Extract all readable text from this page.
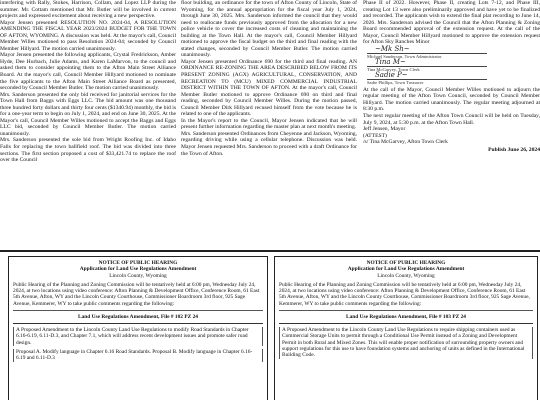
interfering with Rally, Stokes, Harrison, Collam, and Lopez LLP during the summer. Mr. Cottam mentioned that Mr. Butler will be involved in current projects and expressed excitement about receiving a new perspective.

Mayor Jensen presented RESOLUTION NO. 2024-04, A RESOLUTION AMENDING THE FISCAL YEAR 2023/2024 BUDGET FOR THE TOWN OF AFTON, WYOMING. A discussion was held. At the mayor's call, Council Member Willes motioned to pass Resolution 2024-04; seconded by Council Member Hillyard. The motion carried unanimously.

Mayor Jensen presented the following applicants, Crystal Fredrickson, Amber Hyde, Dee Hurbach, Julie Adams, and Karen LaMarvon, to the council and asked them to consider appointing them to the Afton Main Street Alliance Board. At the mayor's call, Council Member Hillyard motioned to nominate the five applicants to the Afton Main Street Alliance Board as presented, seconded by Council Member Butler. The motion carried unanimously.

Mrs. Sanderson presented the only bid received for janitorial services for the Town Hall from Baggs with Eggs LLC. The bid amount was one thousand three hundred forty dollars and thirty four cents ($1340.94) monthly, the bid is for a one-year term to begin on July 1, 2024, and end on June 30, 2025. At the Mayor's call, Council Member Willes motioned to accept the Baggs and Eggs LLC bid, seconded by Council Member Butler. The motion carried unanimously.

Mrs. Sanderson presented the sole bid from Wright Roofing Inc. of Idaho Falls for replacing the town ballfield roof. The bid was divided into three sections. The first section proposed a cost of $33,421.74 to replace the roof over the Council

floor building, an ordinance for the town of Afton County of Lincoln, State of Wyoming, for the annual appropriation for the fiscal year July 1, 2024, through June 30, 2025. Mrs. Sanderson informed the council that they would need to reallocate funds previously approved from the allocation for a new police vehicle to cover the increased costs of cleaning and maintaining the building at the Town Hall. At the mayor's call, Council Member Hillyard motioned to approve the fiscal budget on the third and final reading with the stated changes, seconded by Council Member Butler. The motion carried unanimously.

Mayor Jensen presented Ordinance 690 for the third and final reading. AN ORDINANCE RE-ZONING THE AREA DESCRIBED BELOW FROM ITS PRESENT ZONING (AGX) AGRICULTURAL, CONSERVATION, AND RECREATION TO (MCU) MIXED COMMERCIAL INDUSTRIAL DISTRICT WITHIN THE TOWN OF AFTON. At the mayor's call, Council Member Butler motioned to approve Ordinance 690 on third and final reading, seconded by Council Member Willes. During the motion passed, Council Member Dirk Hillyard recused himself from the vote because he is related to one of the applicants.

In the Mayor's report to the Council, Mayor Jensen indicated that he will present further information regarding the master plan at next month's meeting.

Mrs. Sanderson presented Ordinances from Cheyenne and Jackson, Wyoming, regarding driving while using a cellular telephone. Discussion was held. Mayor Jensen requested Mrs. Sanderson to proceed with a draft Ordinance for the Town of Afton.

Phase II of 2022. However, Phase II, creating Lots 7-12, and Phase III, creating Lot 13 were also preliminarily approved and have yet to be finalized and recorded. The applicants wish to extend the final plat recording to June 14, 2026. Mrs. Sanderson advised the Council that the Afton Planning & Zoning Board recommended approval of the extension request. At the call of the Mayor, Council Member Hillyard motioned to approve the extension request for Afton Sky Ranches Minor

~Mk Sh~
Michael Sanderson, Town Administrator
Tina M~
Tina McGarvey, Town Clerk
Sadie P~
Sadie Phillips, Town Treasurer

At the call of the Mayor, Council Member Willes motioned to adjourn the regular meeting of the Afton Town Council, seconded by Council Member Hillyard. The motion carried unanimously. The regular meeting adjourned at 8:30 p.m.

The next regular meeting of the Afton Town Council will be held on Tuesday, July 9, 2024, at 5:30 p.m. at the Afton Town Hall.

Jeff Jensen, Mayor

(ATTEST)

/s/ Tina McGarvey, Afton Town Clerk

Publish June 26, 2024
NOTICE OF PUBLIC HEARING
Application for Land Use Regulations Amendment
Lincoln County, Wyoming
Public Hearing of the Planning and Zoning Commission will be tentatively held at 6:00 pm, Wednesday July 24, 2024, at two locations using video conference: Afton Planning & Development Office, Conference Room, 61 East 5th Avenue, Afton, WY and the Lincoln County Courthouse, Commissioner Boardroom 3rd floor, 925 Sage Avenue, Kemmerer, WY to take public comments regarding the following:
Land Use Regulations Amendment, File # 102 PZ 24
A Proposed Amendment to the Lincoln County Land Use Regulations to modify Road Standards in Chapter 6.16-6.19, 6.11-D.3, and Chapter 7.1, which will address recent development issues and promote safer road design.
Proposal A. Modify language in Chapter 6.16 Road Standards. Proposal B. Modify language in Chapter 6.16-6.19 and 6.11-D.3
NOTICE OF PUBLIC HEARING
Application for Land Use Regulations Amendment
Lincoln County, Wyoming
Public Hearing of the Planning and Zoning Commission will be tentatively held at 6:00 pm, Wednesday July 24, 2024, at two locations using video conference: Afton Planning & Development Office, Conference Room, 61 East 5th Avenue, Afton, WY and the Lincoln County Courthouse, Commissioner Boardroom 3rd floor, 925 Sage Avenue, Kemmerer, WY to take public comments regarding the following:
Land Use Regulations Amendment, File # 103 PZ 24
A Proposed Amendment to the Lincoln County Land Use Regulations to require shipping containers used as Commercial Storage Units to permit through a Conditional Use Permit instead of a Zoning and Development Permit in both Rural and Mixed Zones. This will enable proper notification of surrounding property owners and support regulations for this use to have foundation systems and anchoring of units as defined in the International Building Code.
